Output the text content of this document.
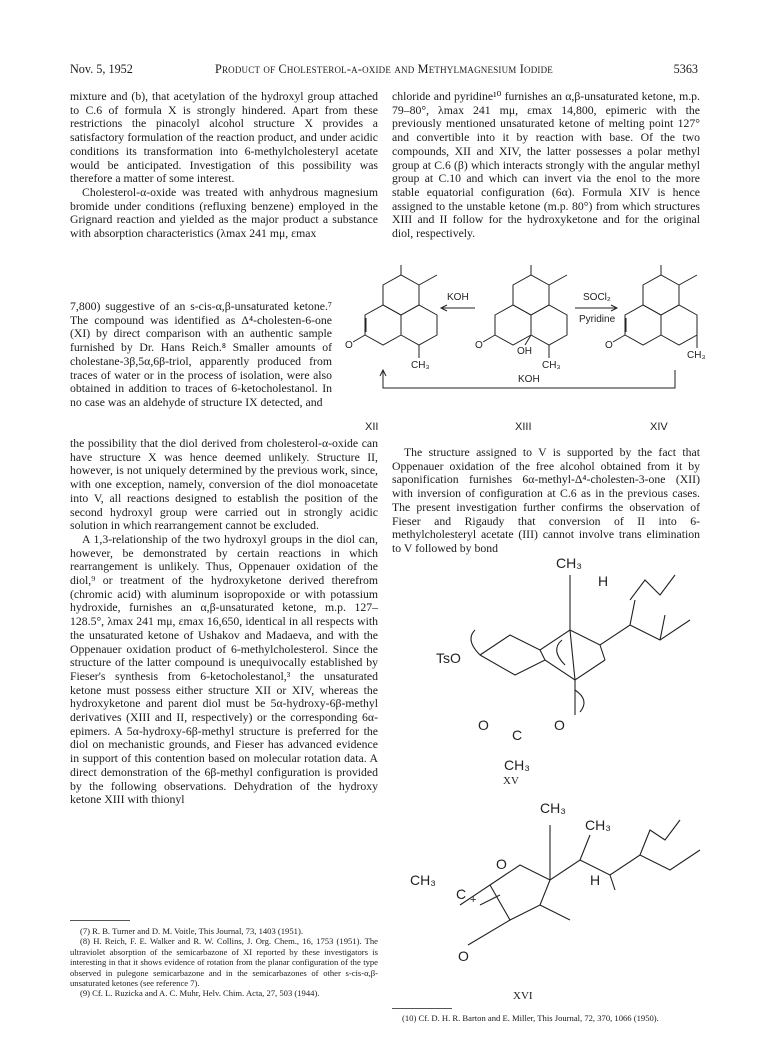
Nov. 5, 1952	Product of Cholesterol-α-oxide and Methylmagnesium Iodide	5363

mixture and (b), that acetylation of the hydroxyl group attached to C.6 of formula X is strongly hindered. Apart from these restrictions the pinacolyl alcohol structure X provides a satisfactory formulation of the reaction product, and under acidic conditions its transformation into 6-methylcholesteryl acetate would be anticipated. Investigation of this possibility was therefore a matter of some interest.

Cholesterol-α-oxide was treated with anhydrous magnesium bromide under conditions (refluxing benzene) employed in the Grignard reaction and yielded as the major product a substance with absorption characteristics (λmax 241 mμ, εmax

7,800) suggestive of an s-cis-α,β-unsaturated ketone.⁷ The compound was identified as Δ⁴-cholesten-6-one (XI) by direct comparison with an authentic sample furnished by Dr. Hans Reich.⁸ Smaller amounts of cholestane-3β,5α,6β-triol, apparently produced from traces of water or in the process of isolation, were also obtained in addition to traces of 6-ketocholestanol. In no case was an aldehyde of structure IX detected, and

the possibility that the diol derived from cholesterol-α-oxide can have structure X was hence deemed unlikely. Structure II, however, is not uniquely determined by the previous work, since, with one exception, namely, conversion of the diol monoacetate into V, all reactions designed to establish the position of the second hydroxyl group were carried out in strongly acidic solution in which rearrangement cannot be excluded.

A 1,3-relationship of the two hydroxyl groups in the diol can, however, be demonstrated by certain reactions in which rearrangement is unlikely. Thus, Oppenauer oxidation of the diol,⁹ or treatment of the hydroxyketone derived therefrom (chromic acid) with aluminum isopropoxide or with potassium hydroxide, furnishes an α,β-unsaturated ketone, m.p. 127–128.5°, λmax 241 mμ, εmax 16,650, identical in all respects with the unsaturated ketone of Ushakov and Madaeva, and with the Oppenauer oxidation product of 6-methylcholesterol. Since the structure of the latter compound is unequivocally established by Fieser's synthesis from 6-ketocholestanol,³ the unsaturated ketone must possess either structure XII or XIV, whereas the hydroxyketone and parent diol must be 5α-hydroxy-6β-methyl derivatives (XIII and II, respectively) or the corresponding 6α-epimers. A 5α-hydroxy-6β-methyl structure is preferred for the diol on mechanistic grounds, and Fieser has advanced evidence in support of this contention based on molecular rotation data. A direct demonstration of the 6β-methyl configuration is provided by the following observations. Dehydration of the hydroxy ketone XIII with thionyl

(7) R. B. Turner and D. M. Voitle, This Journal, 73, 1403 (1951).

(8) H. Reich, F. E. Walker and R. W. Collins, J. Org. Chem., 16, 1753 (1951). The ultraviolet absorption of the semicarbazone of XI reported by these investigators is interesting in that it shows evidence of rotation from the planar configuration of the type observed in pulegone semicarbazone and in the semicarbazones of other s-cis-α,β-unsaturated ketones (see reference 7).

(9) Cf. L. Ruzicka and A. C. Muhr, Helv. Chim. Acta, 27, 503 (1944).

chloride and pyridine¹⁰ furnishes an α,β-unsaturated ketone, m.p. 79–80°, λmax 241 mμ, εmax 14,800, epimeric with the previously mentioned unsaturated ketone of melting point 127° and convertible into it by reaction with base. Of the two compounds, XII and XIV, the latter possesses a polar methyl group at C.6 (β) which interacts strongly with the angular methyl group at C.10 and which can invert via the enol to the more stable equatorial configuration (6α). Formula XIV is hence assigned to the unstable ketone (m.p. 80°) from which structures XIII and II follow for the hydroxyketone and for the original diol, respectively.

O
CH₃
O
OH
CH₃
O
CH₃
KOH	SOCl₂
Pyridine
KOH
XII	XIII	XIV

The structure assigned to V is supported by the fact that Oppenauer oxidation of the free alcohol obtained from it by saponification furnishes 6α-methyl-Δ⁴-cholesten-3-one (XII) with inversion of configuration at C.6 as in the previous cases. The present investigation further confirms the observation of Fieser and Rigaudy that conversion of II into 6-methylcholesteryl acetate (III) cannot involve trans elimination to V followed by bond

CH₃
H
TsO
O
C
O
CH₃
XV
CH₃
CH₃
O
H
CH₃
C +
O
XVI

(10) Cf. D. H. R. Barton and E. Miller, This Journal, 72, 370, 1066 (1950).
